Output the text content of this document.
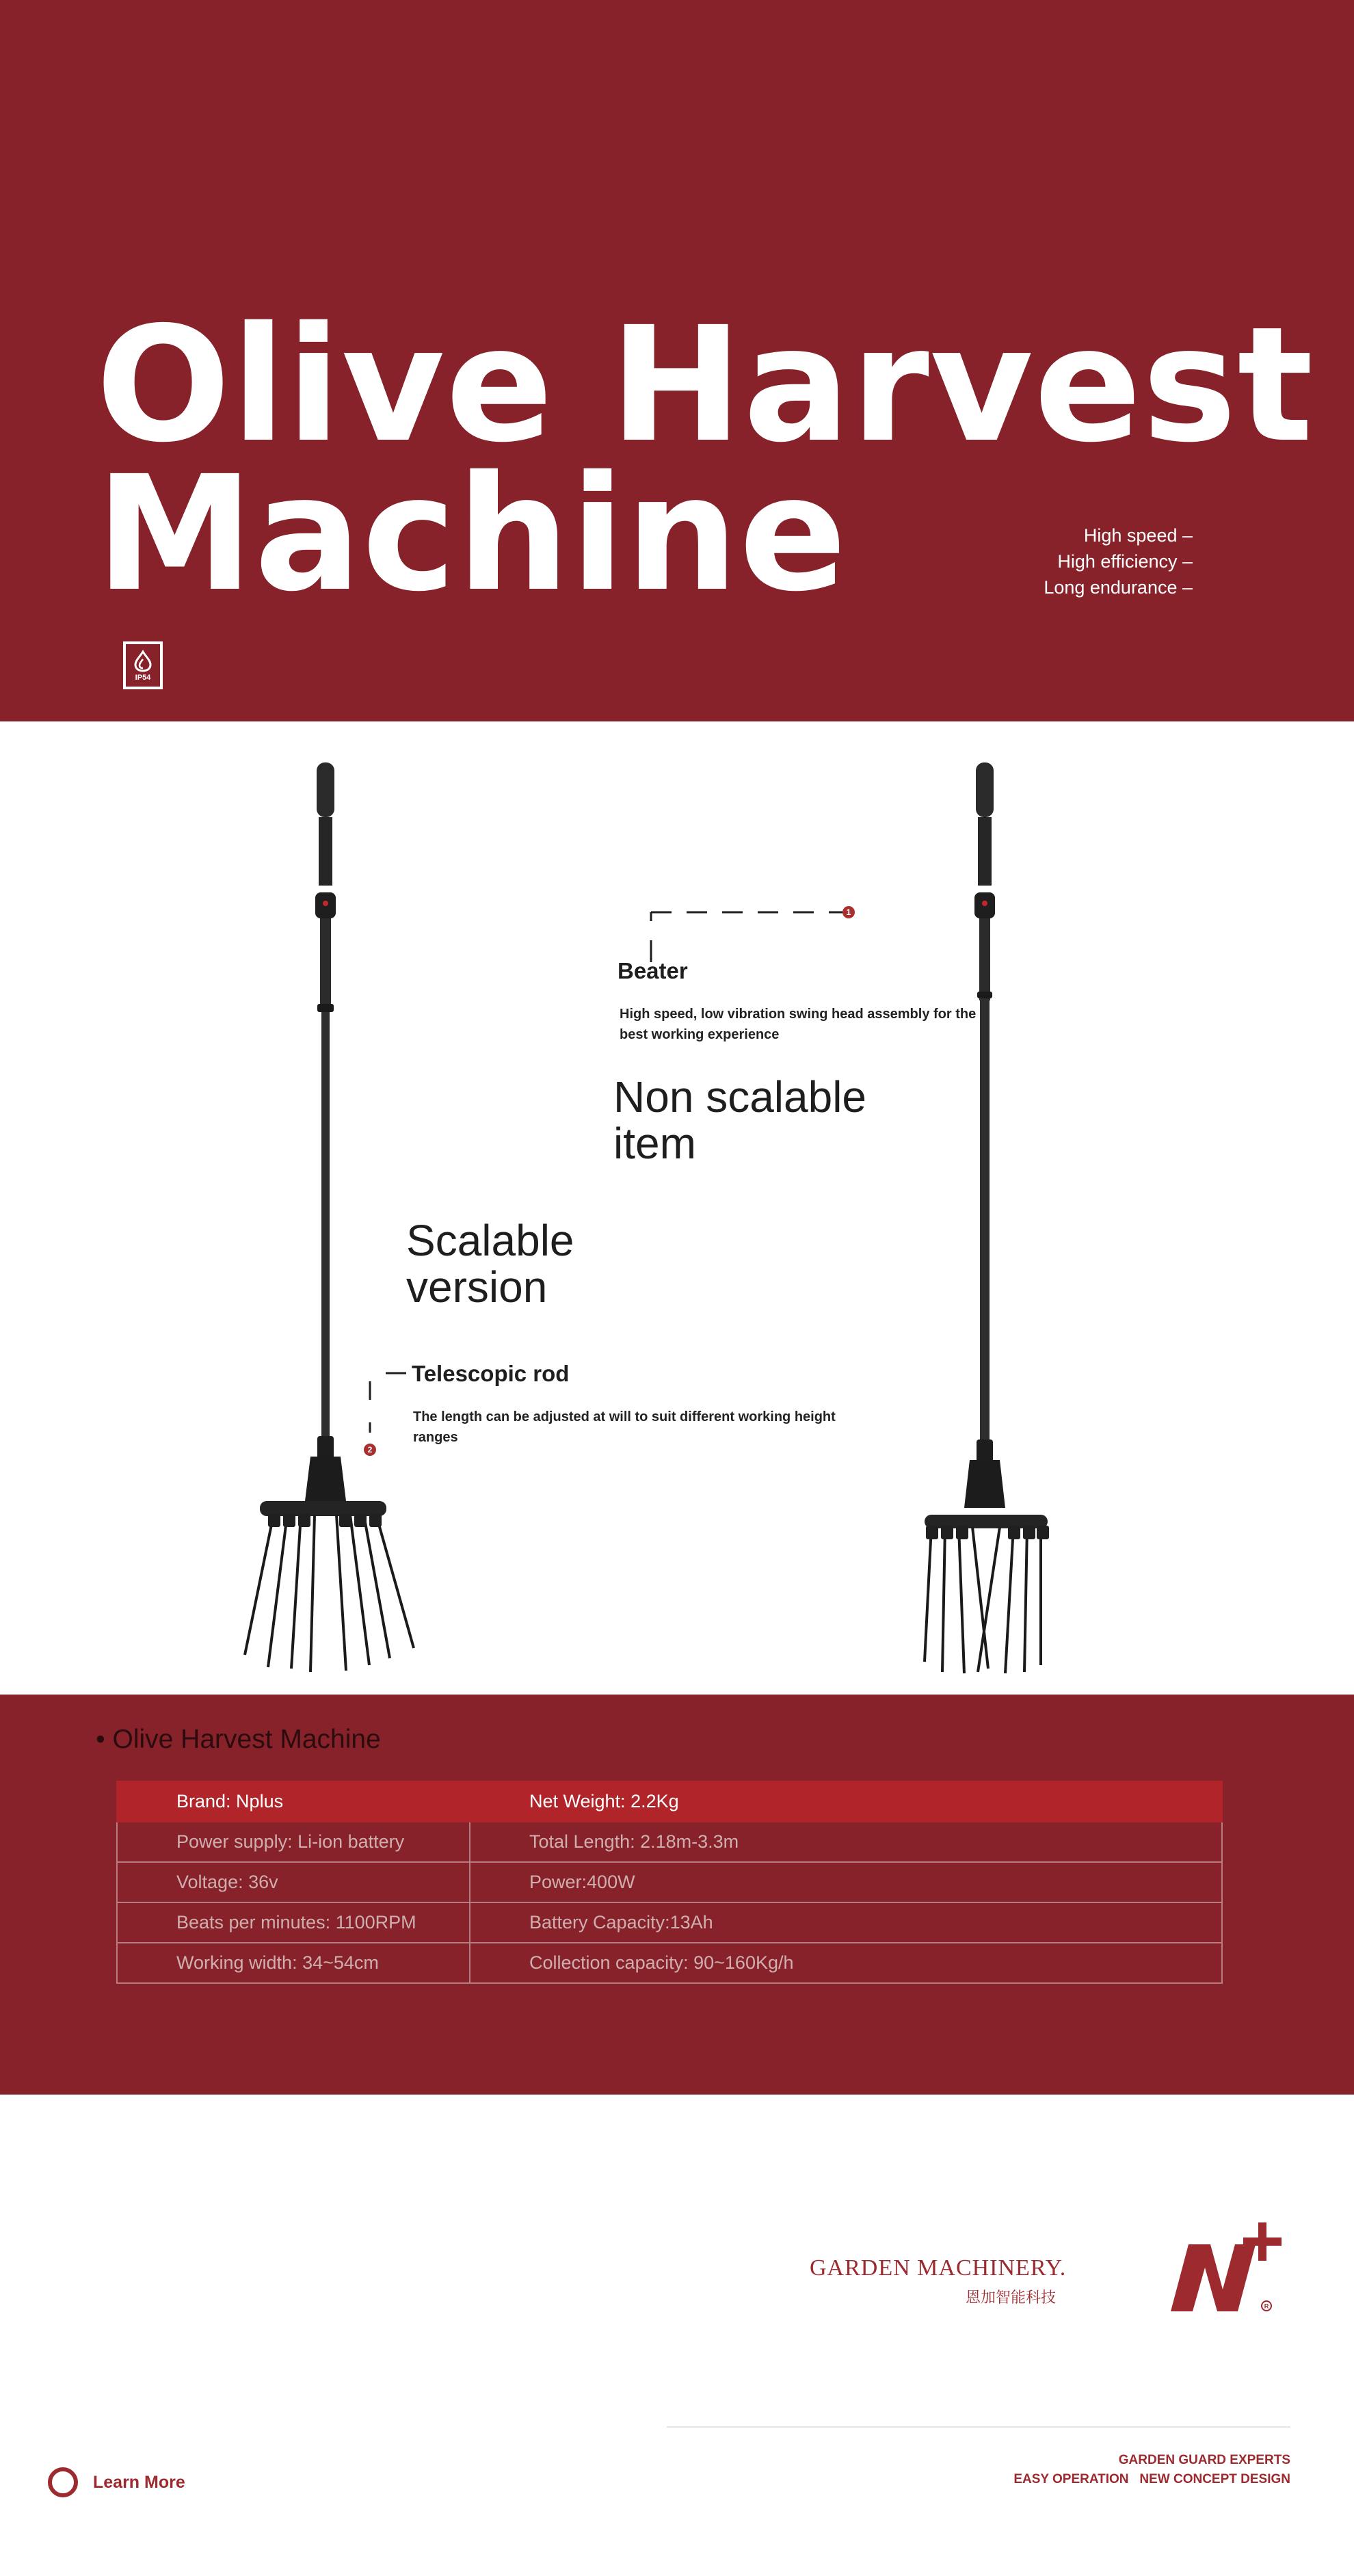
Olive Harvest
Machine	High speed –
High efficiency –
Long endurance –
IP54
1
Beater
High speed, low vibration swing head assembly for the best working experience
Non scalable
item
Scalable
version
Telescopic rod
The length can be adjusted at will to suit different working height ranges
2
• Olive Harvest Machine
Brand: Nplus	Net Weight: 2.2Kg
Power supply: Li-ion battery	Total Length: 2.18m-3.3m
Voltage: 36v	Power:400W
Beats per minutes: 1100RPM	Battery Capacity:13Ah
Working width: 34~54cm	Collection capacity: 90~160Kg/h
GARDEN MACHINERY.
恩加智能科技	R
GARDEN GUARD EXPERTS
EASY OPERATION   NEW CONCEPT DESIGN
Learn More
